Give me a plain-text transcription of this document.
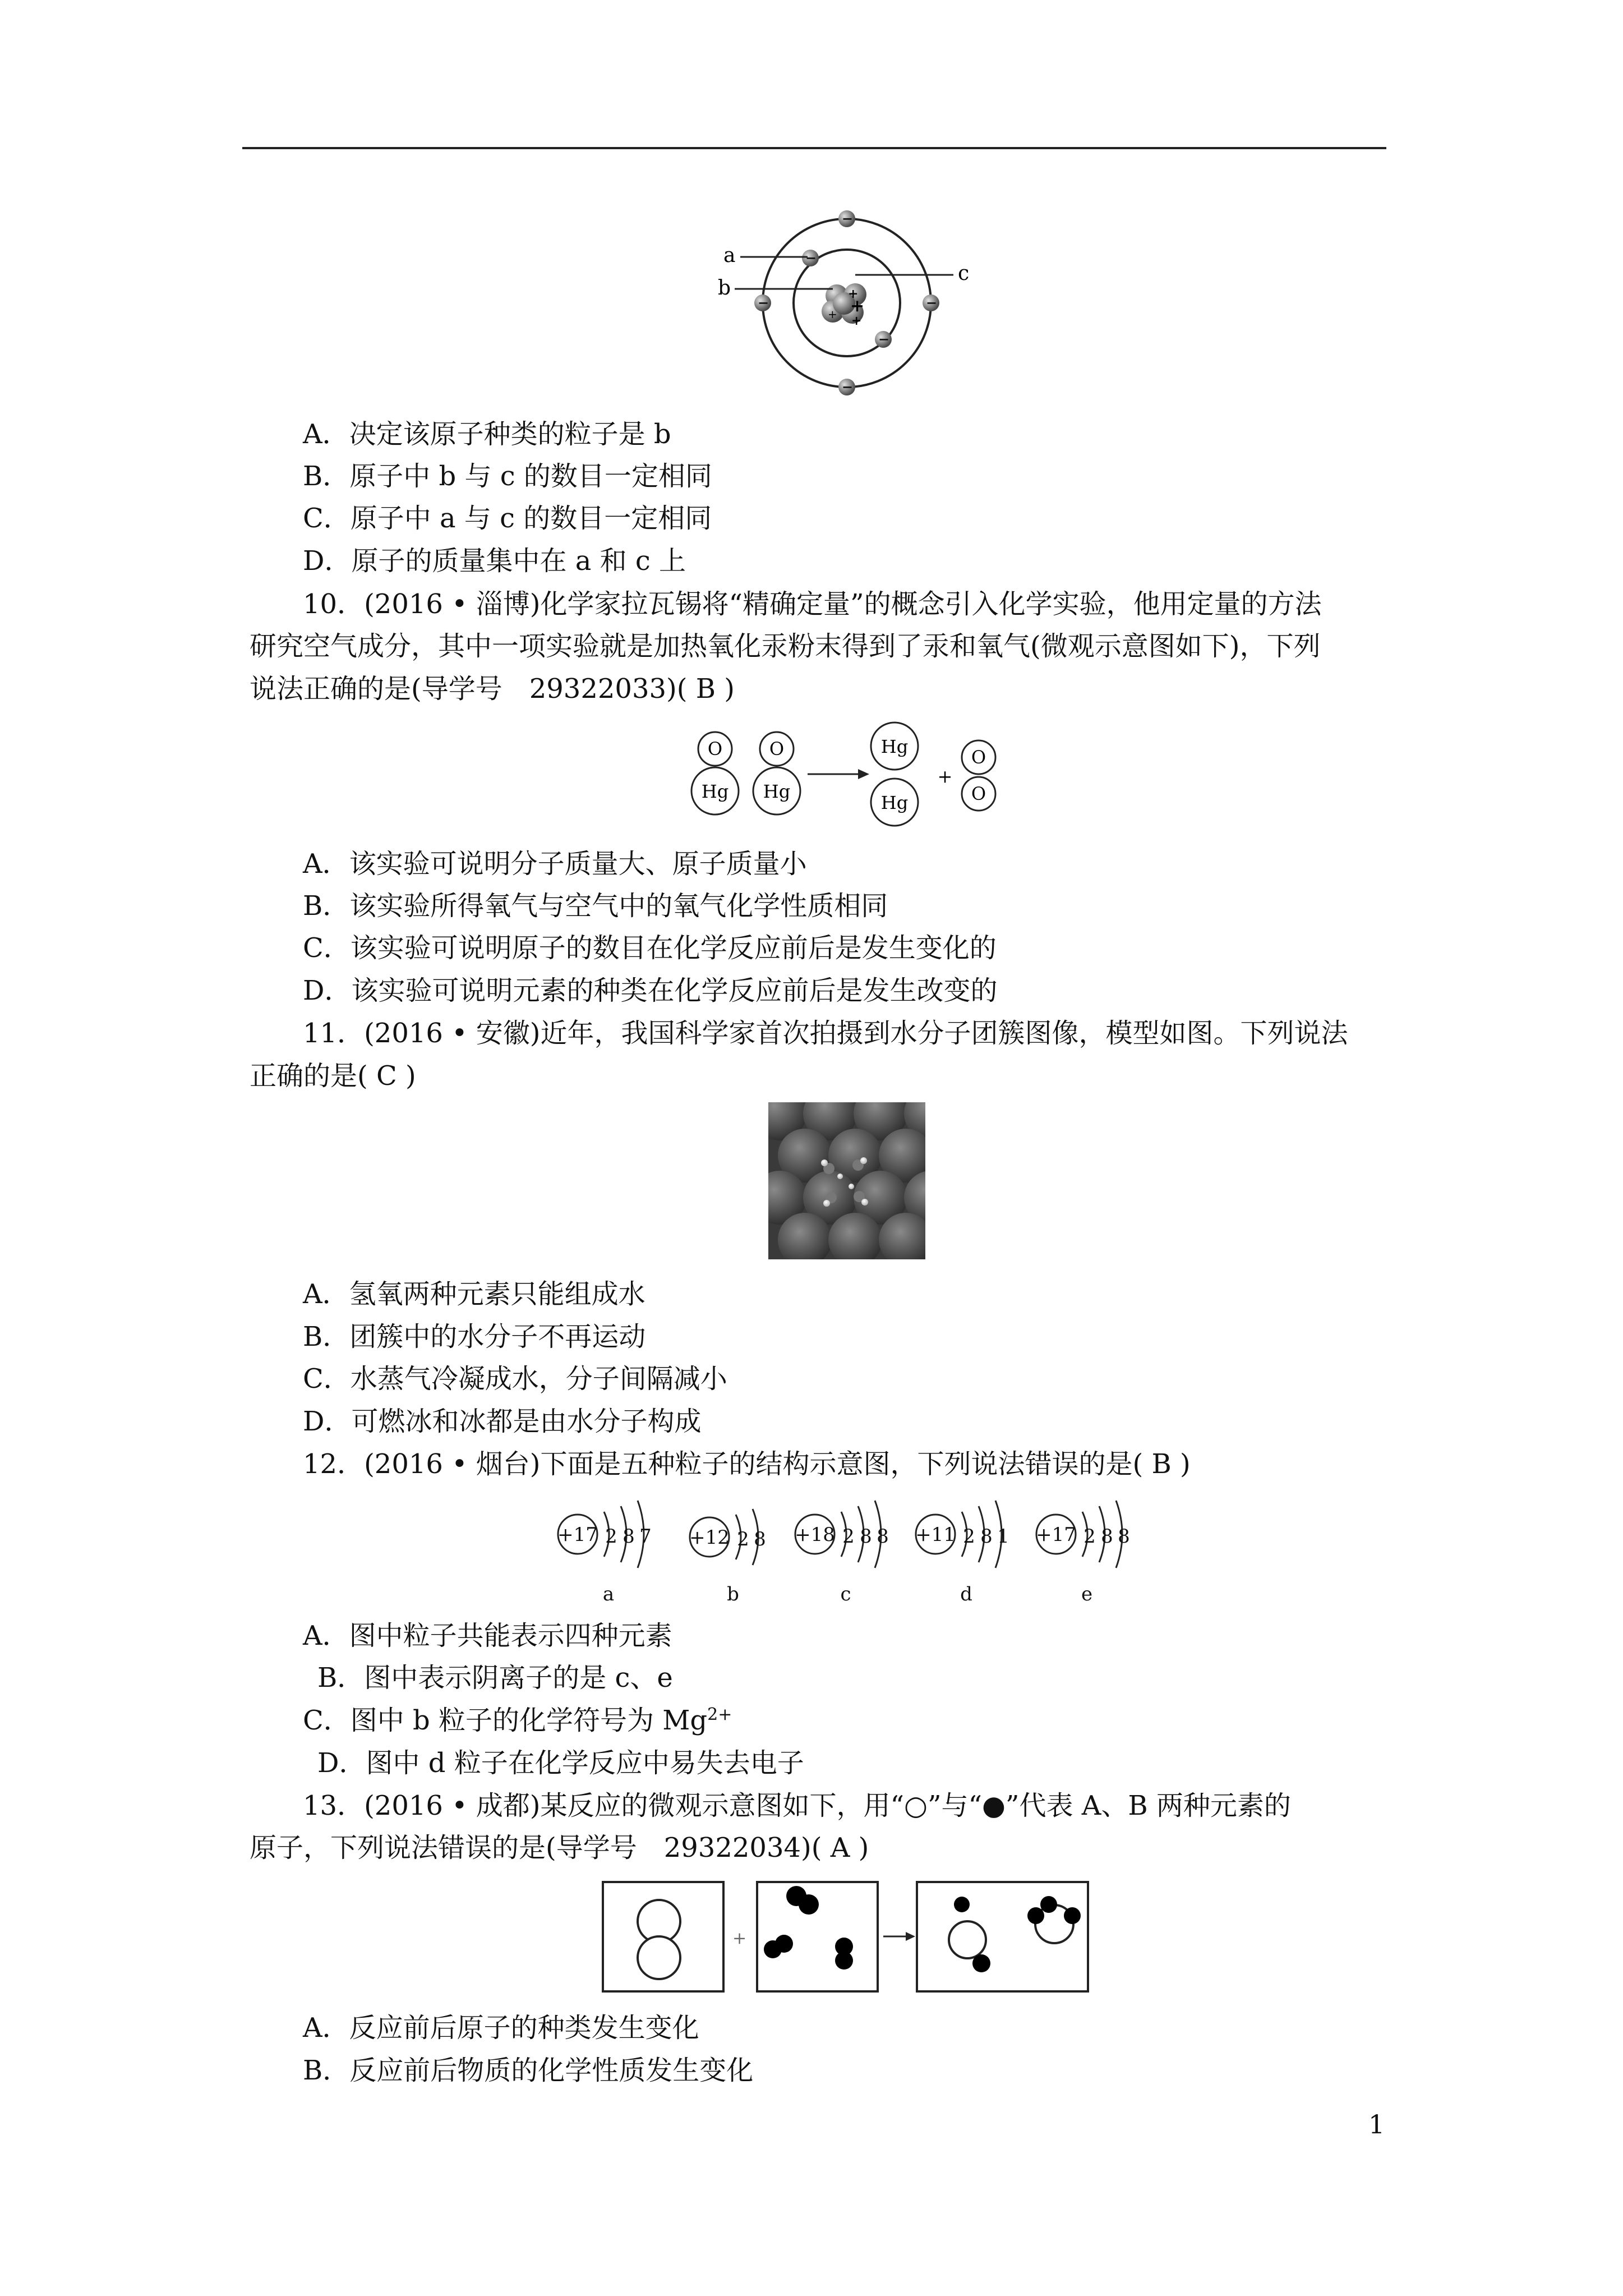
+
+
+
+
−
−	−
−
−
−
a
b
c
A．决定该原子种类的粒子是 b
B．原子中 b 与 c 的数目一定相同
C．原子中 a 与 c 的数目一定相同
D．原子的质量集中在 a 和 c 上
10．(2016 • 淄博)化学家拉瓦锡将“精确定量”的概念引入化学实验，他用定量的方法
研究空气成分，其中一项实验就是加热氧化汞粉末得到了汞和氧气(微观示意图如下)，下列
说法正确的是(导学号　29322033)( B )
O
Hg
O
Hg
Hg
Hg
O
O
+
A．该实验可说明分子质量大、原子质量小
B．该实验所得氧气与空气中的氧气化学性质相同
C．该实验可说明原子的数目在化学反应前后是发生变化的
D．该实验可说明元素的种类在化学反应前后是发生改变的
11．(2016 • 安徽)近年，我国科学家首次拍摄到水分子团簇图像，模型如图。下列说法
正确的是( C )
A．氢氧两种元素只能组成水
B．团簇中的水分子不再运动
C．水蒸气冷凝成水，分子间隔减小
D．可燃冰和冰都是由水分子构成
12．(2016 • 烟台)下面是五种粒子的结构示意图，下列说法错误的是( B )
+17 2 8 7
a
+12 2 8
b
+18 2 8 8
c
+11 2 8 1
d
+17 2 8 8
e
A．图中粒子共能表示四种元素
B．图中表示阴离子的是 c、e
C．图中 b 粒子的化学符号为 $Mg^{2+}$
D．图中 d 粒子在化学反应中易失去电子
13．(2016 • 成都)某反应的微观示意图如下，用“○”与“●”代表 A、B 两种元素的
原子，下列说法错误的是(导学号　29322034)( A )
+
A．反应前后原子的种类发生变化
B．反应前后物质的化学性质发生变化
1
